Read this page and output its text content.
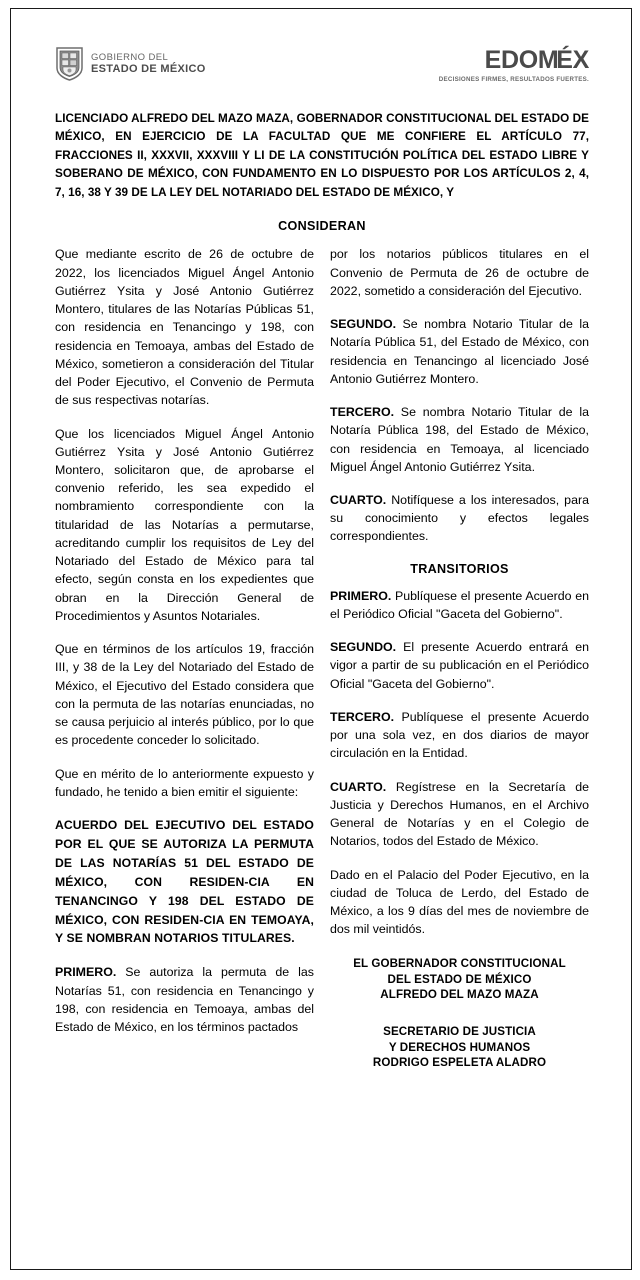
GOBIERNO DEL
ESTADO DE MÉXICO	EDOMÉX
DECISIONES FIRMES, RESULTADOS FUERTES.
LICENCIADO ALFREDO DEL MAZO MAZA, GOBERNADOR CONSTITUCIONAL DEL ESTADO DE MÉXICO, EN EJERCICIO DE LA FACULTAD QUE ME CONFIERE EL ARTÍCULO 77, FRACCIONES II, XXXVII, XXXVIII Y LI DE LA CONSTITUCIÓN POLÍTICA DEL ESTADO LIBRE Y SOBERANO DE MÉXICO, CON FUNDAMENTO EN LO DISPUESTO POR LOS ARTÍCULOS 2, 4, 7, 16, 38 Y 39 DE LA LEY DEL NOTARIADO DEL ESTADO DE MÉXICO, Y
CONSIDERAN

Que mediante escrito de 26 de octubre de 2022, los licenciados Miguel Ángel Antonio Gutiérrez Ysita y José Antonio Gutiérrez Montero, titulares de las Notarías Públicas 51, con residencia en Tenancingo y 198, con residencia en Temoaya, ambas del Estado de México, sometieron a consideración del Titular del Poder Ejecutivo, el Convenio de Permuta de sus respectivas notarías.

Que los licenciados Miguel Ángel Antonio Gutiérrez Ysita y José Antonio Gutiérrez Montero, solicitaron que, de aprobarse el convenio referido, les sea expedido el nombramiento correspondiente con la titularidad de las Notarías a permutarse, acreditando cumplir los requisitos de Ley del Notariado del Estado de México para tal efecto, según consta en los expedientes que obran en la Dirección General de Procedimientos y Asuntos Notariales.

Que en términos de los artículos 19, fracción III, y 38 de la Ley del Notariado del Estado de México, el Ejecutivo del Estado considera que con la permuta de las notarías enunciadas, no se causa perjuicio al interés público, por lo que es procedente conceder lo solicitado.

Que en mérito de lo anteriormente expuesto y fundado, he tenido a bien emitir el siguiente:

ACUERDO DEL EJECUTIVO DEL ESTADO POR EL QUE SE AUTORIZA LA PERMUTA DE LAS NOTARÍAS 51 DEL ESTADO DE MÉXICO, CON RESIDEN-CIA EN TENANCINGO Y 198 DEL ESTADO DE MÉXICO, CON RESIDEN-CIA EN TEMOAYA, Y SE NOMBRAN NOTARIOS TITULARES.

PRIMERO. Se autoriza la permuta de las Notarías 51, con residencia en Tenancingo y 198, con residencia en Temoaya, ambas del Estado de México, en los términos pactados

por los notarios públicos titulares en el Convenio de Permuta de 26 de octubre de 2022, sometido a consideración del Ejecutivo.

SEGUNDO. Se nombra Notario Titular de la Notaría Pública 51, del Estado de México, con residencia en Tenancingo al licenciado José Antonio Gutiérrez Montero.

TERCERO. Se nombra Notario Titular de la Notaría Pública 198, del Estado de México, con residencia en Temoaya, al licenciado Miguel Ángel Antonio Gutiérrez Ysita.

CUARTO. Notifíquese a los interesados, para su conocimiento y efectos legales correspondientes.

TRANSITORIOS

PRIMERO. Publíquese el presente Acuerdo en el Periódico Oficial "Gaceta del Gobierno".

SEGUNDO. El presente Acuerdo entrará en vigor a partir de su publicación en el Periódico Oficial "Gaceta del Gobierno".

TERCERO. Publíquese el presente Acuerdo por una sola vez, en dos diarios de mayor circulación en la Entidad.

CUARTO. Regístrese en la Secretaría de Justicia y Derechos Humanos, en el Archivo General de Notarías y en el Colegio de Notarios, todos del Estado de México.

Dado en el Palacio del Poder Ejecutivo, en la ciudad de Toluca de Lerdo, del Estado de México, a los 9 días del mes de noviembre de dos mil veintidós.

EL GOBERNADOR CONSTITUCIONAL
DEL ESTADO DE MÉXICO
ALFREDO DEL MAZO MAZA
SECRETARIO DE JUSTICIA
Y DERECHOS HUMANOS
RODRIGO ESPELETA ALADRO
